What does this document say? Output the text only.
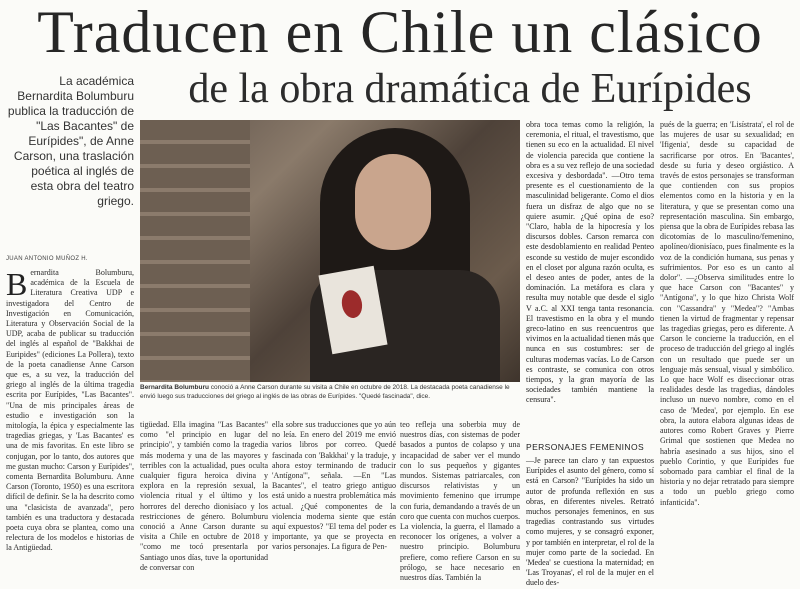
Traducen en Chile un clásico
de la obra dramática de Eurípides
La académica Bernardita Bolumburu publica la traducción de "Las Bacantes" de Eurípides", de Anne Carson, una traslación poética al inglés de esta obra del teatro griego.
JUAN ANTONIO MUÑOZ H.
Bernardita Bolumburu conoció a Anne Carson durante su visita a Chile en octubre de 2018. La destacada poeta canadiense le envió luego sus traducciones del griego al inglés de las obras de Eurípides. "Quedé fascinada", dice.
B ernardita Bolumburu, académica de la Escuela de Literatura Creativa UDP e investigadora del Centro de Investigación en Comunicación, Literatura y Observación Social de la UDP, acaba de publicar su traducción del inglés al español de "Bakkhai de Euripides" (ediciones La Pollera), texto de la poeta canadiense Anne Carson que es, a su vez, la traducción del griego al inglés de la última tragedia escrita por Eurípides, "Las Bacantes". "Una de mis principales áreas de estudio e investigación son la mitología, la épica y especialmente las tragedias griegas, y 'Las Bacantes' es una de mis favoritas. En este libro se conjugan, por lo tanto, dos autores que me gustan mucho: Carson y Eurípides", comenta Bernardita Bolumburu. Anne Carson (Toronto, 1950) es una escritora difícil de definir. Se la ha descrito como una "clasicista de avanzada", pero también es una traductora y destacada poeta cuya obra se plantea, como una relectura de los modelos e historias de la Antigüedad.
tigüedad. Ella imagina "Las Bacantes" como "el principio en lugar del principio", y también como la tragedia más moderna y una de las mayores y terribles con la actualidad, pues oculta cualquier figura heroica divina y explora en la represión sexual, la violencia ritual y el último y los horrores del derecho dionisíaco y los restricciones de género. Bolumburu conoció a Anne Carson durante su visita a Chile en octubre de 2018 y "como me tocó presentarla por Santiago unos días, tuve la oportunidad de conversar con
ella sobre sus traducciones que yo aún no leía. En enero del 2019 me envió varios libros por correo. Quedé fascinada con 'Bakkhai' y la traduje, y ahora estoy terminando de traducir 'Antígona'", señala. —En "Las Bacantes", el teatro griego antiguo está unido a nuestra problemática más actual. ¿Qué componentes de la violencia moderna siente que están aquí expuestos? "El tema del poder es importante, ya que se proyecta en varios personajes. La figura de Pen-
teo refleja una soberbia muy de nuestros días, con sistemas de poder basados a puntos de colapso y una incapacidad de saber ver el mundo con lo sus pequeños y gigantes mundos. Sistemas patriarcales, con discursos relativistas y un movimiento femenino que irrumpe con furia, demandando a través de un coro que cuenta con muchos cuerpos. La violencia, la guerra, el llamado a reconocer los orígenes, a volver a nuestro principio. Bolumburu prefiere, como refiere Carson en su prólogo, se hace necesario en nuestros días. También la
obra toca temas como la religión, la ceremonia, el ritual, el travestismo, que tienen su eco en la actualidad. El nivel de violencia parecida que contiene la obra es a su vez reflejo de una sociedad excesiva y desbordada". —Otro tema presente es el cuestionamiento de la masculinidad beligerante. Como el dios fuera un disfraz de algo que no se quiere asumir. ¿Qué opina de eso? "Claro, habla de la hipocresía y los discursos dobles. Carson remarca con este desdoblamiento en realidad Penteo esconde su vestido de mujer escondido en el closet por alguna razón oculta, es el deseo antes de poder, antes de la dominación. La metáfora es clara y resulta muy notable que desde el siglo V a.C. al XXI tenga tanta resonancia. El travestismo en la obra y el mundo greco-latino en sus reencuentros que vivimos en la actualidad tienen más que nunca en sus costumbres: ser de culturas modernas vacías. Lo de Carson es contraste, se comunica con otros tiempos, y la gran mayoría de las sociedades también mantiene la censura".
PERSONAJES FEMENINOS
—Je parece tan claro y tan expuestos Eurípides el asunto del género, como sí está en Carson? "Eurípides ha sido un autor de profunda reflexión en sus obras, en diferentes niveles. Retrató muchos personajes femeninos, en sus tragedias contrastando sus virtudes como mujeres, y se consagró exponer, y por también en interpretar, el rol de la mujer como parte de la sociedad. En 'Medea' se cuestiona la maternidad; en 'Las Troyanas', el rol de la mujer en el duelo des-
pués de la guerra; en 'Lisístrata', el rol de las mujeres de usar su sexualidad; en 'Ifigenia', desde su capacidad de sacrificarse por otros. En 'Bacantes', desde su furia y deseo orgiástico. A través de estos personajes se transforman que contienden con sus propios elementos como en la historia y en la literatura, y que se presentan como una representación masculina. Sin embargo, piensa que la obra de Eurípides rebasa las dicotomías de lo masculino/femenino, apolíneo/dionisíaco, pues finalmente es la voz de la condición humana, sus penas y sufrimientos. Por eso es un canto al dolor". —¿Observa similitudes entre lo que hace Carson con "Bacantes" y "Antígona", y lo que hizo Christa Wolf con "Cassandra" y "Medea"? "Ambas tienen la virtud de fragmentar y repensar las tragedias griegas, pero es diferente. A Carson le concierne la traducción, en el proceso de traducción del griego al inglés con un resultado que puede ser un lenguaje más sensual, visual y simbólico. Lo que hace Wolf es diseccionar otras realidades desde las tragedias, dándoles incluso un nuevo nombre, como en el caso de 'Medea', por ejemplo. En ese obra, la autora elabora algunas ideas de autores como Robert Graves y Pierre Grimal que sostienen que Medea no habría asesinado a sus hijos, sino el pueblo Corintio, y que Eurípides fue sobornado para cambiar el final de la historia y no dejar retratado para siempre a todo un pueblo griego como infanticida".
